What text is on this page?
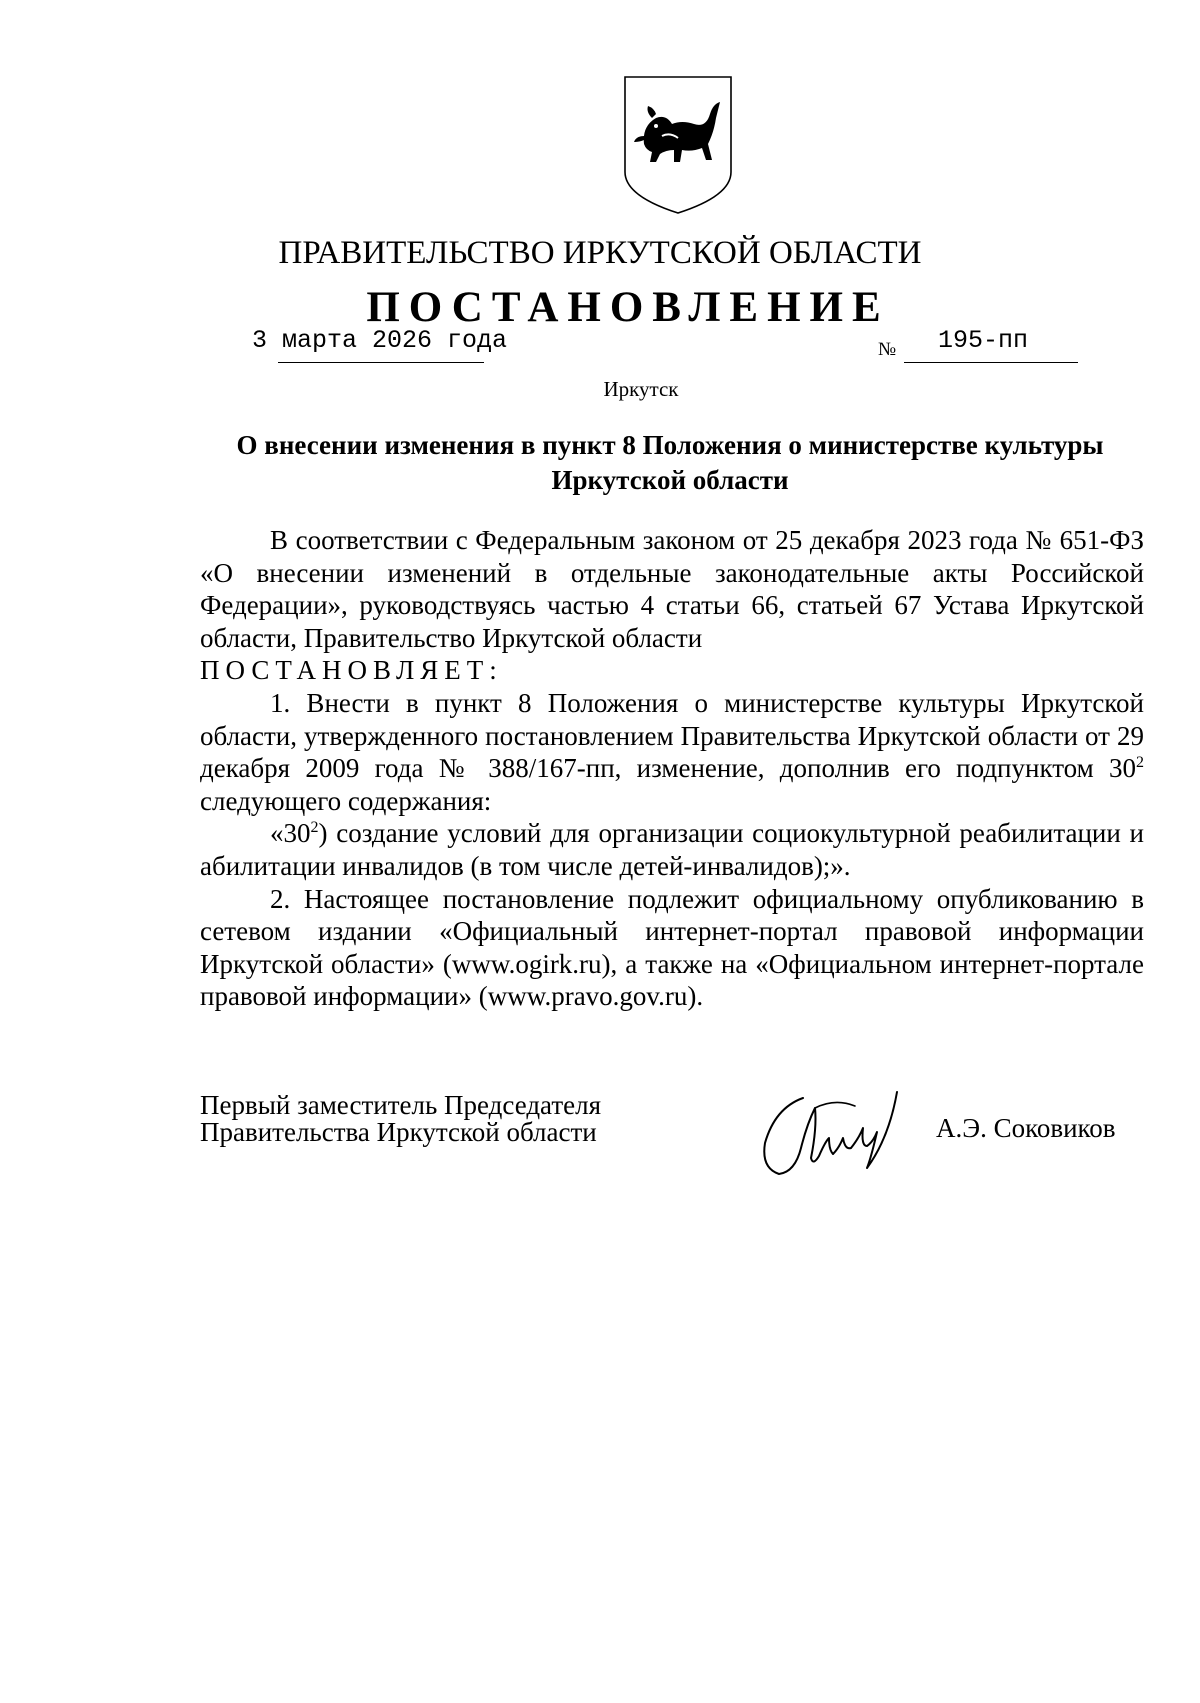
ПРАВИТЕЛЬСТВО ИРКУТСКОЙ ОБЛАСТИ
ПОСТАНОВЛЕНИЕ
3 марта 2026 года	№ 195-пп
Иркутск
О внесении изменения в пункт 8 Положения о министерстве культуры
Иркутской области

В соответствии с Федеральным законом от 25 декабря 2023 года № 651-ФЗ «О внесении изменений в отдельные законодательные акты Российской Федерации», руководствуясь частью 4 статьи 66, статьей 67 Устава Иркутской области, Правительство Иркутской области

ПОСТАНОВЛЯЕТ:

1. Внести в пункт 8 Положения о министерстве культуры Иркутской области, утвержденного постановлением Правительства Иркутской области от 29 декабря 2009 года № 388/167-пп, изменение, дополнив его подпунктом $30^2$ следующего содержания:

«$30^2$) создание условий для организации социокультурной реабилитации и абилитации инвалидов (в том числе детей-инвалидов);».

2. Настоящее постановление подлежит официальному опубликованию в сетевом издании «Официальный интернет-портал правовой информации Иркутской области» (www.ogirk.ru), а также на «Официальном интернет-портале правовой информации» (www.pravo.gov.ru).

Первый заместитель Председателя
Правительства Иркутской области	А.Э. Соковиков
